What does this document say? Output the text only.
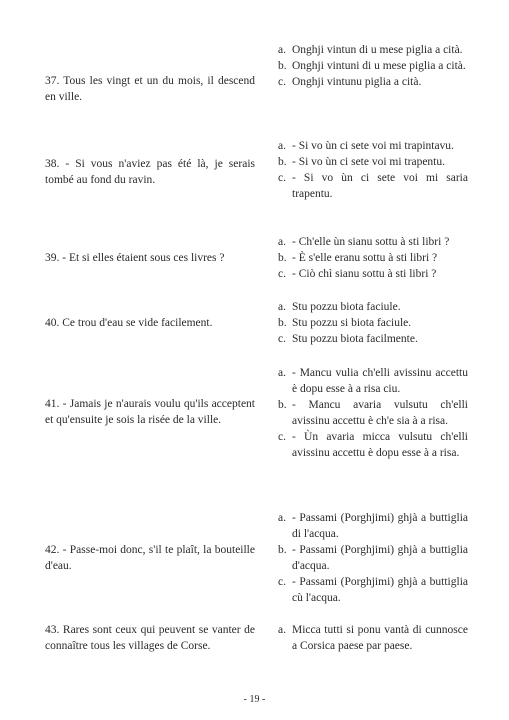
37. Tous les vingt et un du mois, il descend en ville.
a. Onghji vintun di u mese piglia a cità.
b. Onghji vintuni di u mese piglia a cità.
c. Onghji vintunu piglia a cità.
38. - Si vous n'aviez pas été là, je serais tombé au fond du ravin.
a. - Si vo ùn ci sete voi mi trapintavu.
b. - Si vo ùn ci sete voi mi trapentu.
c. - Si vo ùn ci sete voi mi saria trapentu.
39. - Et si elles étaient sous ces livres ?
a. - Ch'elle ùn sianu sottu à sti libri ?
b. - È s'elle eranu sottu à sti libri ?
c. - Ciò chì sianu sottu à sti libri ?
40. Ce trou d'eau se vide facilement.
a. Stu pozzu biota faciule.
b. Stu pozzu si biota faciule.
c. Stu pozzu biota facilmente.
41. - Jamais je n'aurais voulu qu'ils acceptent et qu'ensuite je sois la risée de la ville.
a. - Mancu vulia ch'elli avissinu accettu è dopu esse à a risa ciu.
b. - Mancu avaria vulsutu ch'elli avissinu accettu è ch'e sia à a risa.
c. - Ùn avaria micca vulsutu ch'elli avissinu accettu è dopu esse à a risa.
42. - Passe-moi donc, s'il te plaît, la bouteille d'eau.
a. - Passami (Porghjimi) ghjà a buttiglia di l'acqua.
b. - Passami (Porghjimi) ghjà a buttiglia d'acqua.
c. - Passami (Porghjimi) ghjà a buttiglia cù l'acqua.
43. Rares sont ceux qui peuvent se vanter de connaître tous les villages de Corse.
a. Micca tutti si ponu vantà di cunnosce a Corsica paese par paese.
- 19 -
